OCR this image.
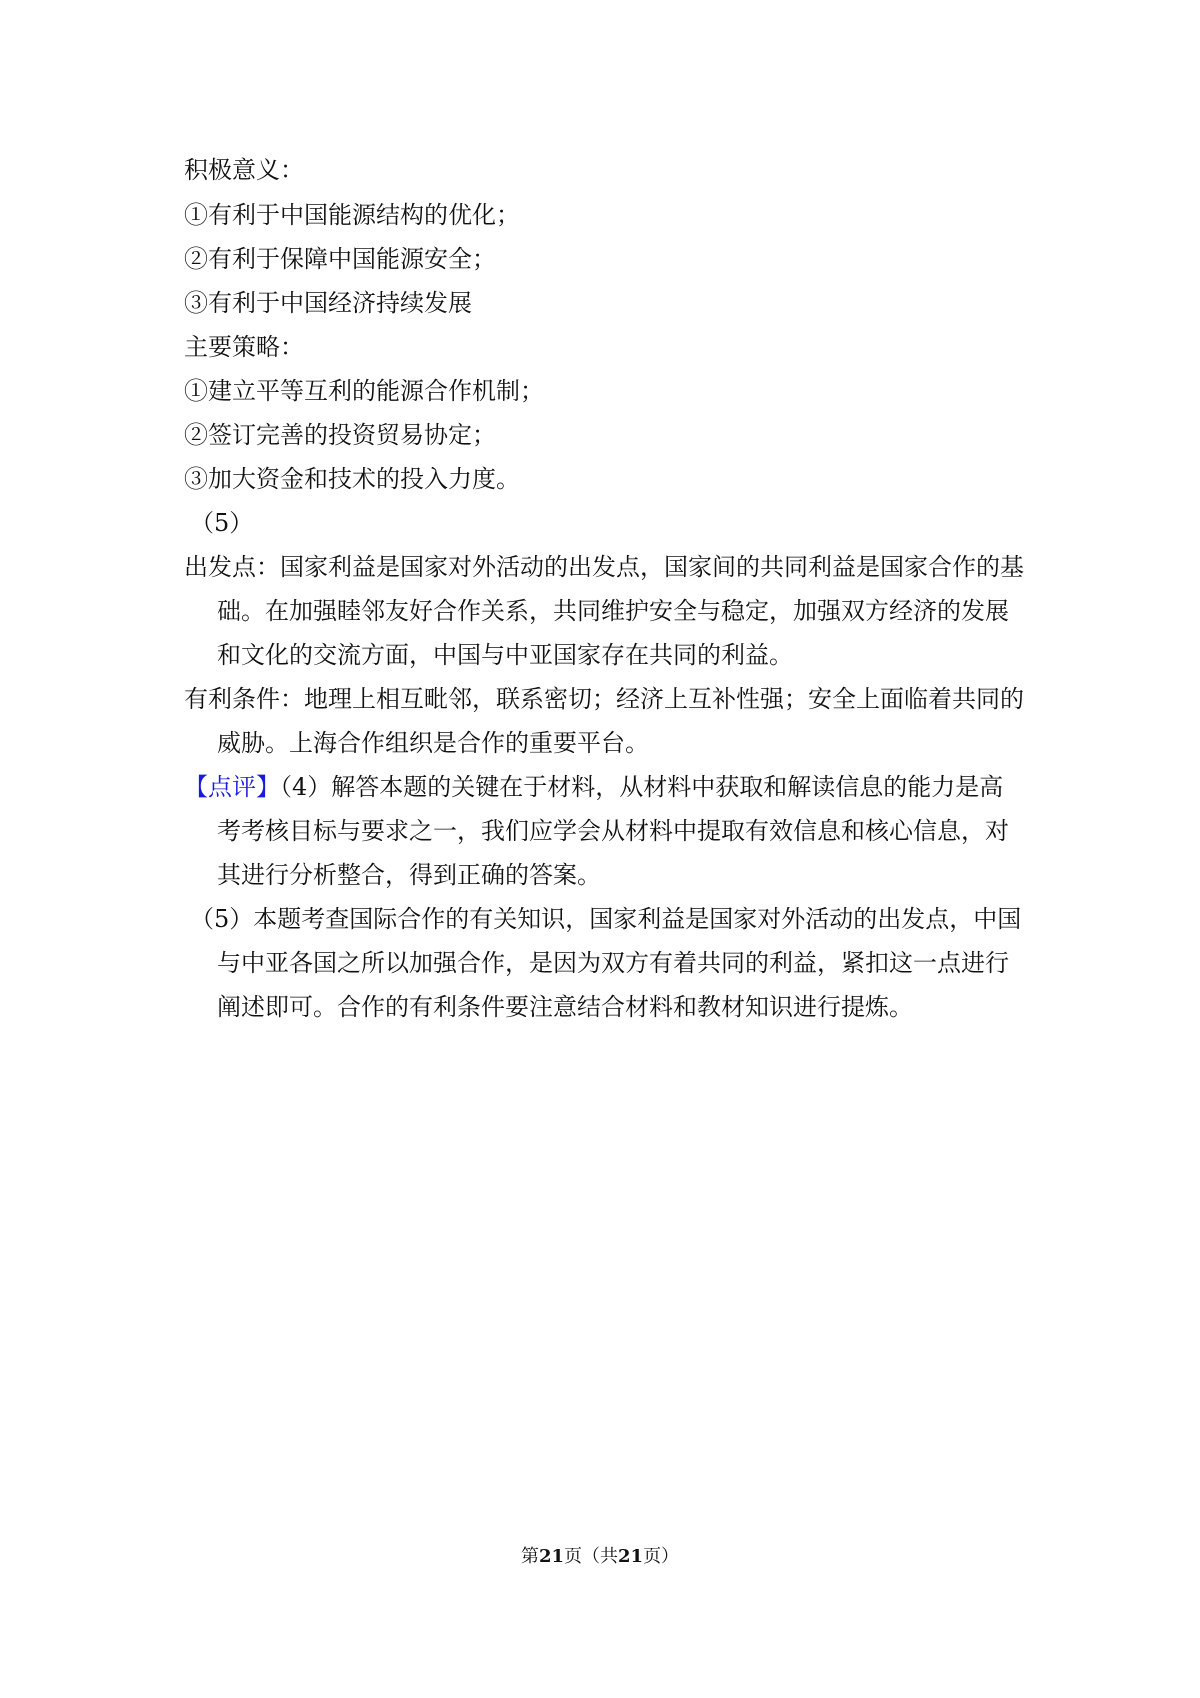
积极意义：
①有利于中国能源结构的优化；
②有利于保障中国能源安全；
③有利于中国经济持续发展
主要策略：
①建立平等互利的能源合作机制；
②签订完善的投资贸易协定；
③加大资金和技术的投入力度。
（5）
出发点：国家利益是国家对外活动的出发点，国家间的共同利益是国家合作的基
础。在加强睦邻友好合作关系，共同维护安全与稳定，加强双方经济的发展
和文化的交流方面，中国与中亚国家存在共同的利益。
有利条件：地理上相互毗邻，联系密切；经济上互补性强；安全上面临着共同的
威胁。上海合作组织是合作的重要平台。
【点评】（4）解答本题的关键在于材料，从材料中获取和解读信息的能力是高
考考核目标与要求之一，我们应学会从材料中提取有效信息和核心信息，对
其进行分析整合，得到正确的答案。
（5）本题考查国际合作的有关知识，国家利益是国家对外活动的出发点，中国
与中亚各国之所以加强合作，是因为双方有着共同的利益，紧扣这一点进行
阐述即可。合作的有利条件要注意结合材料和教材知识进行提炼。
第21页（共21页）
